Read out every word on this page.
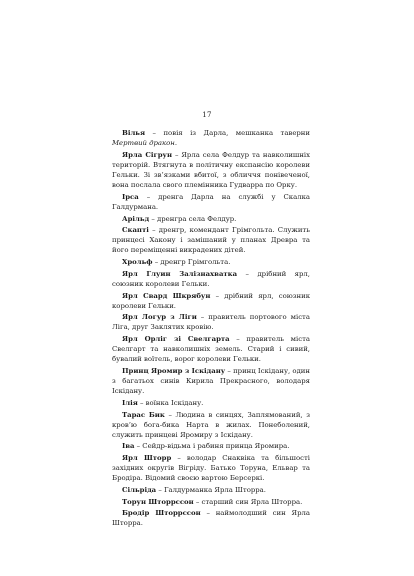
17

Вілья – повія із Дарла, мешканка таверни Мертвий дракон.

Ярла Сігрун – Ярла села Фелдур та навколишніх територій. Втягнута в політичну експансію королеви Гельки. Зі зв’язками вбитої, з обличчя понівеченої, вона послала свого племінника Гудварра по Орку.

Ірса – дренга Дарла на службі у Скалка Галдурмана.

Арільд – дренгра села Фелдур.

Скапті – дренгр, комендант Грімгольта. Служить принцесі Хакону і замішаний у планах Древра та його переміщенні викрадених дітей.

Хрольф – дренгр Грімгольта.

Ярл Глуин Залізнахватка – дрібний ярл, союзник королеви Гельки.

Ярл Свард Шкрябун – дрібний ярл, союзник королеви Гельки.

Ярл Логур з Ліги – правитель портового міста Ліга, друг Заклятих кровію.

Ярл Орліг зі Свелгарта – правитель міста Свелгарт та навколишніх земель. Старий і сивий, бувалий воїтель, ворог королеви Гельки.

Принц Яромир з Іскідану – принц Іскідану, один з багатьох синів Кирила Прекрасного, володаря Іскідану.

Ілія – воїнка Іскідану.

Тарас Бик – Людина в синцях, Заплямований, з кров’ю бога-бика Нарта в жилах. Понеболений, служить принцеві Яромиру з Іскідану.

Іва – Сейдр-відьма і рабиня принца Яромира.

Ярл Шторр – володар Снаквіка та більшості західних округів Вігріду. Батько Торуна, Ельвар та Бродіра. Відомий своєю вартою Берсеркі.

Сільріда – Галдурманка Ярла Шторра.

Торун Шторрссон – старший син Ярла Шторра.

Бродір Шторрссон – наймолодший син Ярла Шторра.
